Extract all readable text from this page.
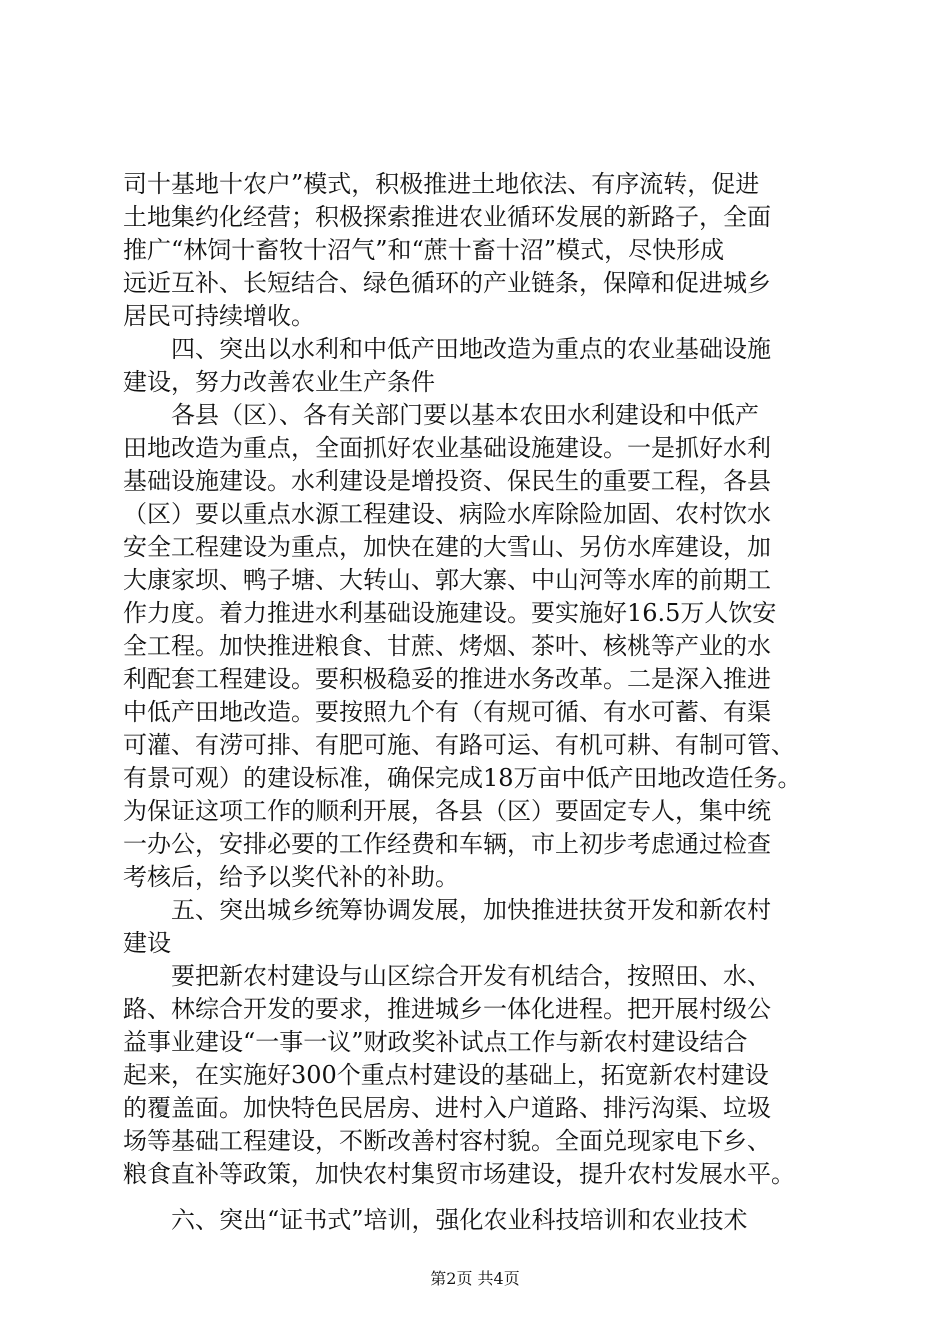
司十基地十农户”模式，积极推进土地依法、有序流转，促进
土地集约化经营；积极探索推进农业循环发展的新路子，全面
推广“林饲十畜牧十沼气”和“蔗十畜十沼”模式，尽快形成
远近互补、长短结合、绿色循环的产业链条，保障和促进城乡
居民可持续增收。
　　四、突出以水利和中低产田地改造为重点的农业基础设施
建设，努力改善农业生产条件
　　各县（区）、各有关部门要以基本农田水利建设和中低产
田地改造为重点，全面抓好农业基础设施建设。一是抓好水利
基础设施建设。水利建设是增投资、保民生的重要工程，各县
（区）要以重点水源工程建设、病险水库除险加固、农村饮水
安全工程建设为重点，加快在建的大雪山、另仿水库建设，加
大康家坝、鸭子塘、大转山、郭大寨、中山河等水库的前期工
作力度。着力推进水利基础设施建设。要实施好16.5万人饮安
全工程。加快推进粮食、甘蔗、烤烟、茶叶、核桃等产业的水
利配套工程建设。要积极稳妥的推进水务改革。二是深入推进
中低产田地改造。要按照九个有（有规可循、有水可蓄、有渠
可灌、有涝可排、有肥可施、有路可运、有机可耕、有制可管、
有景可观）的建设标准，确保完成18万亩中低产田地改造任务。
为保证这项工作的顺利开展，各县（区）要固定专人，集中统
一办公，安排必要的工作经费和车辆，市上初步考虑通过检查
考核后，给予以奖代补的补助。
　　五、突出城乡统筹协调发展，加快推进扶贫开发和新农村
建设
　　要把新农村建设与山区综合开发有机结合，按照田、水、
路、林综合开发的要求，推进城乡一体化进程。把开展村级公
益事业建设“一事一议”财政奖补试点工作与新农村建设结合
起来，在实施好300个重点村建设的基础上，拓宽新农村建设
的覆盖面。加快特色民居房、进村入户道路、排污沟渠、垃圾
场等基础工程建设，不断改善村容村貌。全面兑现家电下乡、
粮食直补等政策，加快农村集贸市场建设，提升农村发展水平。
　　六、突出“证书式”培训，强化农业科技培训和农业技术
第2页 共4页
